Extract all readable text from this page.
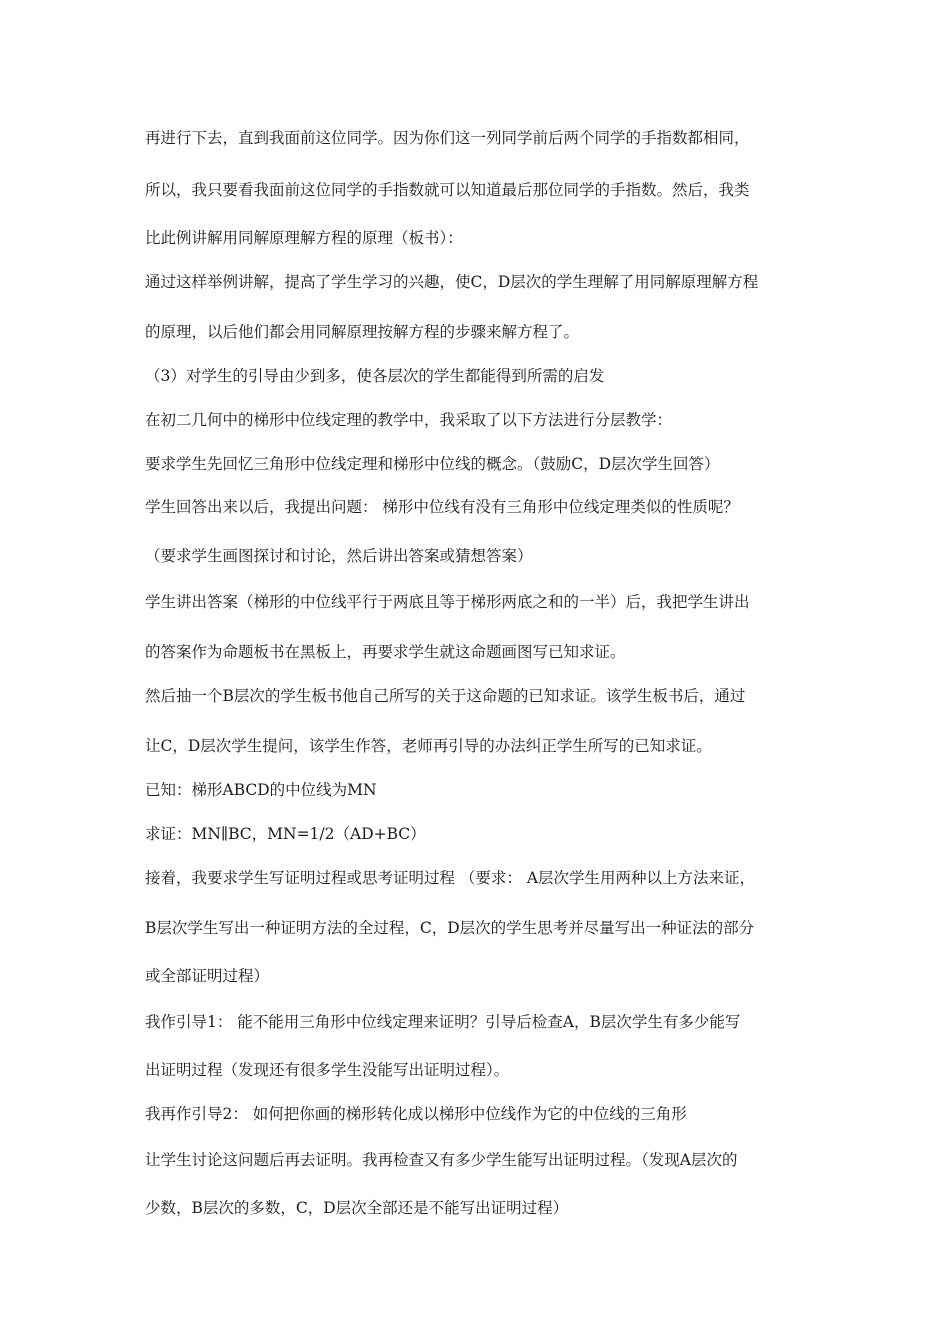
再进行下去，直到我面前这位同学。因为你们这一列同学前后两个同学的手指数都相同，
所以，我只要看我面前这位同学的手指数就可以知道最后那位同学的手指数。然后，我类
比此例讲解用同解原理解方程的原理（板书）：
通过这样举例讲解，提高了学生学习的兴趣，使C，D层次的学生理解了用同解原理解方程
的原理，以后他们都会用同解原理按解方程的步骤来解方程了。
（3）对学生的引导由少到多，使各层次的学生都能得到所需的启发
在初二几何中的梯形中位线定理的教学中，我采取了以下方法进行分层教学：
要求学生先回忆三角形中位线定理和梯形中位线的概念。（鼓励C，D层次学生回答）
学生回答出来以后，我提出问题： 梯形中位线有没有三角形中位线定理类似的性质呢？
（要求学生画图探讨和讨论，然后讲出答案或猜想答案）
学生讲出答案（梯形的中位线平行于两底且等于梯形两底之和的一半）后，我把学生讲出
的答案作为命题板书在黑板上，再要求学生就这命题画图写已知求证。
然后抽一个B层次的学生板书他自己所写的关于这命题的已知求证。该学生板书后，通过
让C，D层次学生提问，该学生作答，老师再引导的办法纠正学生所写的已知求证。
已知：梯形ABCD的中位线为MN
求证：MN∥BC，MN=1/2（AD+BC）
接着，我要求学生写证明过程或思考证明过程 （要求： A层次学生用两种以上方法来证，
B层次学生写出一种证明方法的全过程，C，D层次的学生思考并尽量写出一种证法的部分
或全部证明过程）
我作引导1： 能不能用三角形中位线定理来证明？引导后检查A，B层次学生有多少能写
出证明过程（发现还有很多学生没能写出证明过程）。
我再作引导2： 如何把你画的梯形转化成以梯形中位线作为它的中位线的三角形
让学生讨论这问题后再去证明。我再检查又有多少学生能写出证明过程。（发现A层次的
少数，B层次的多数，C，D层次全部还是不能写出证明过程）
